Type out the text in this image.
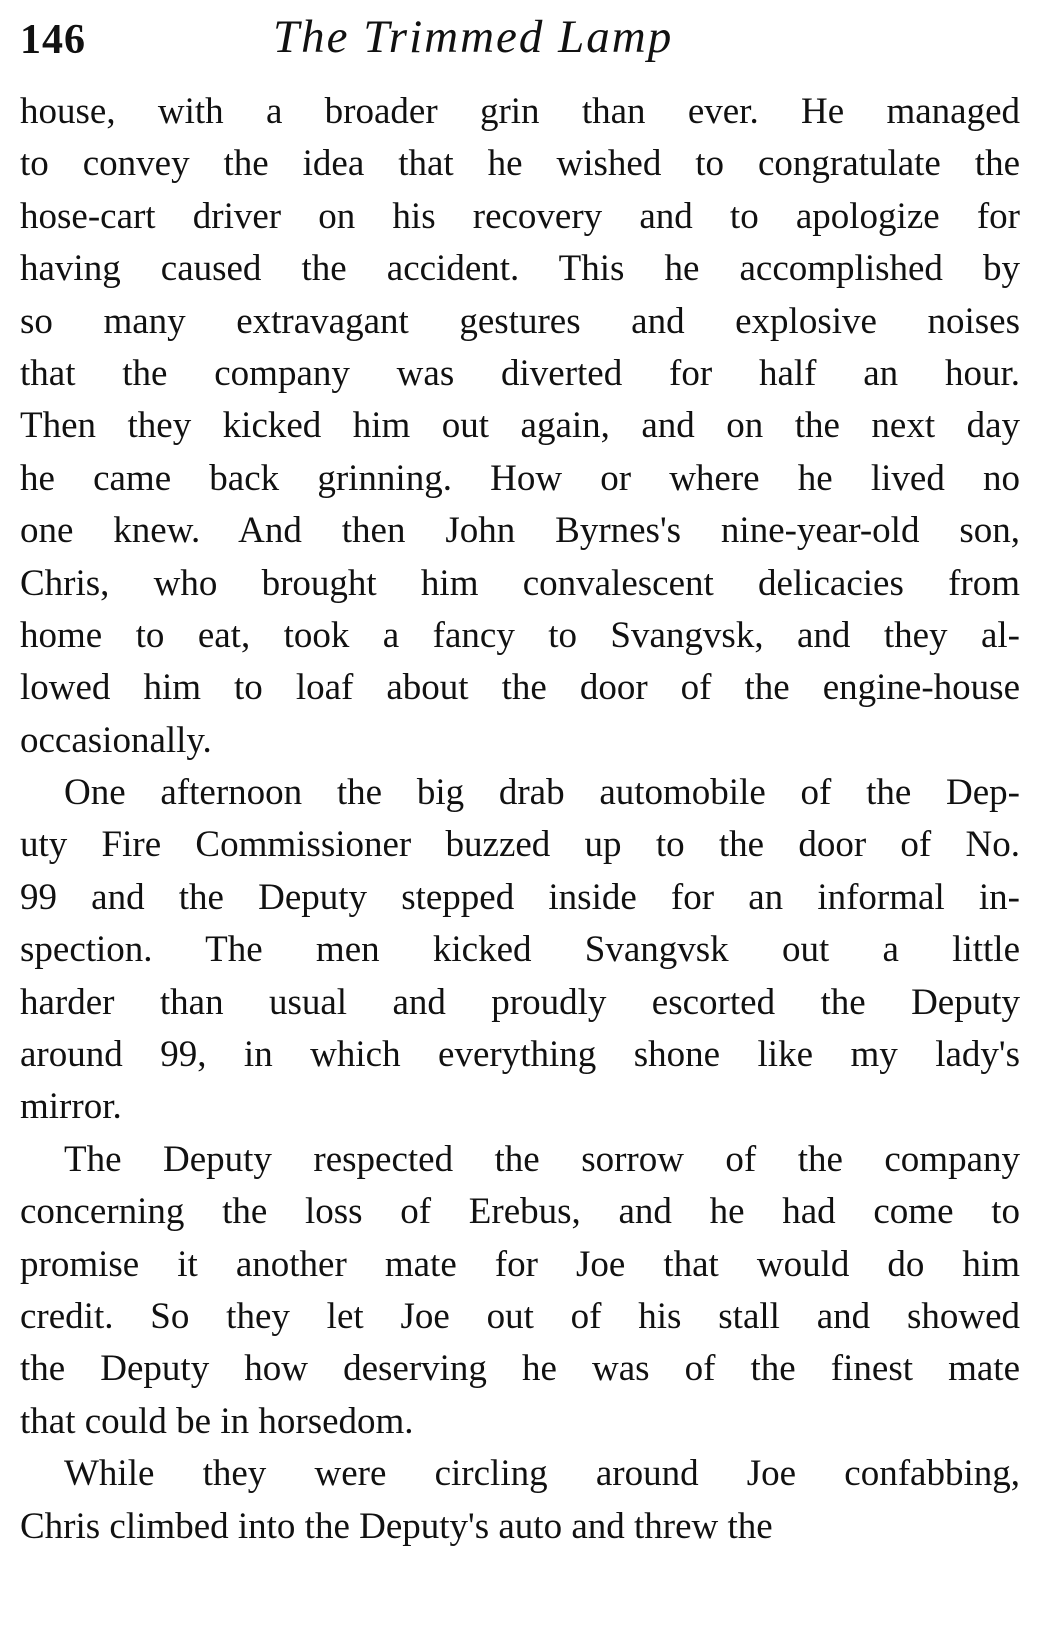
146	The Trimmed Lamp
house, with a broader grin than ever. He managed
to convey the idea that he wished to congratulate the
hose-cart driver on his recovery and to apologize for
having caused the accident. This he accomplished by
so many extravagant gestures and explosive noises
that the company was diverted for half an hour.
Then they kicked him out again, and on the next day
he came back grinning. How or where he lived no
one knew. And then John Byrnes's nine-year-old son,
Chris, who brought him convalescent delicacies from
home to eat, took a fancy to Svangvsk, and they al-
lowed him to loaf about the door of the engine-house
occasionally.
One afternoon the big drab automobile of the Dep-
uty Fire Commissioner buzzed up to the door of No.
99 and the Deputy stepped inside for an informal in-
spection. The men kicked Svangvsk out a little
harder than usual and proudly escorted the Deputy
around 99, in which everything shone like my lady's
mirror.
The Deputy respected the sorrow of the company
concerning the loss of Erebus, and he had come to
promise it another mate for Joe that would do him
credit. So they let Joe out of his stall and showed
the Deputy how deserving he was of the finest mate
that could be in horsedom.
While they were circling around Joe confabbing,
Chris climbed into the Deputy's auto and threw the
